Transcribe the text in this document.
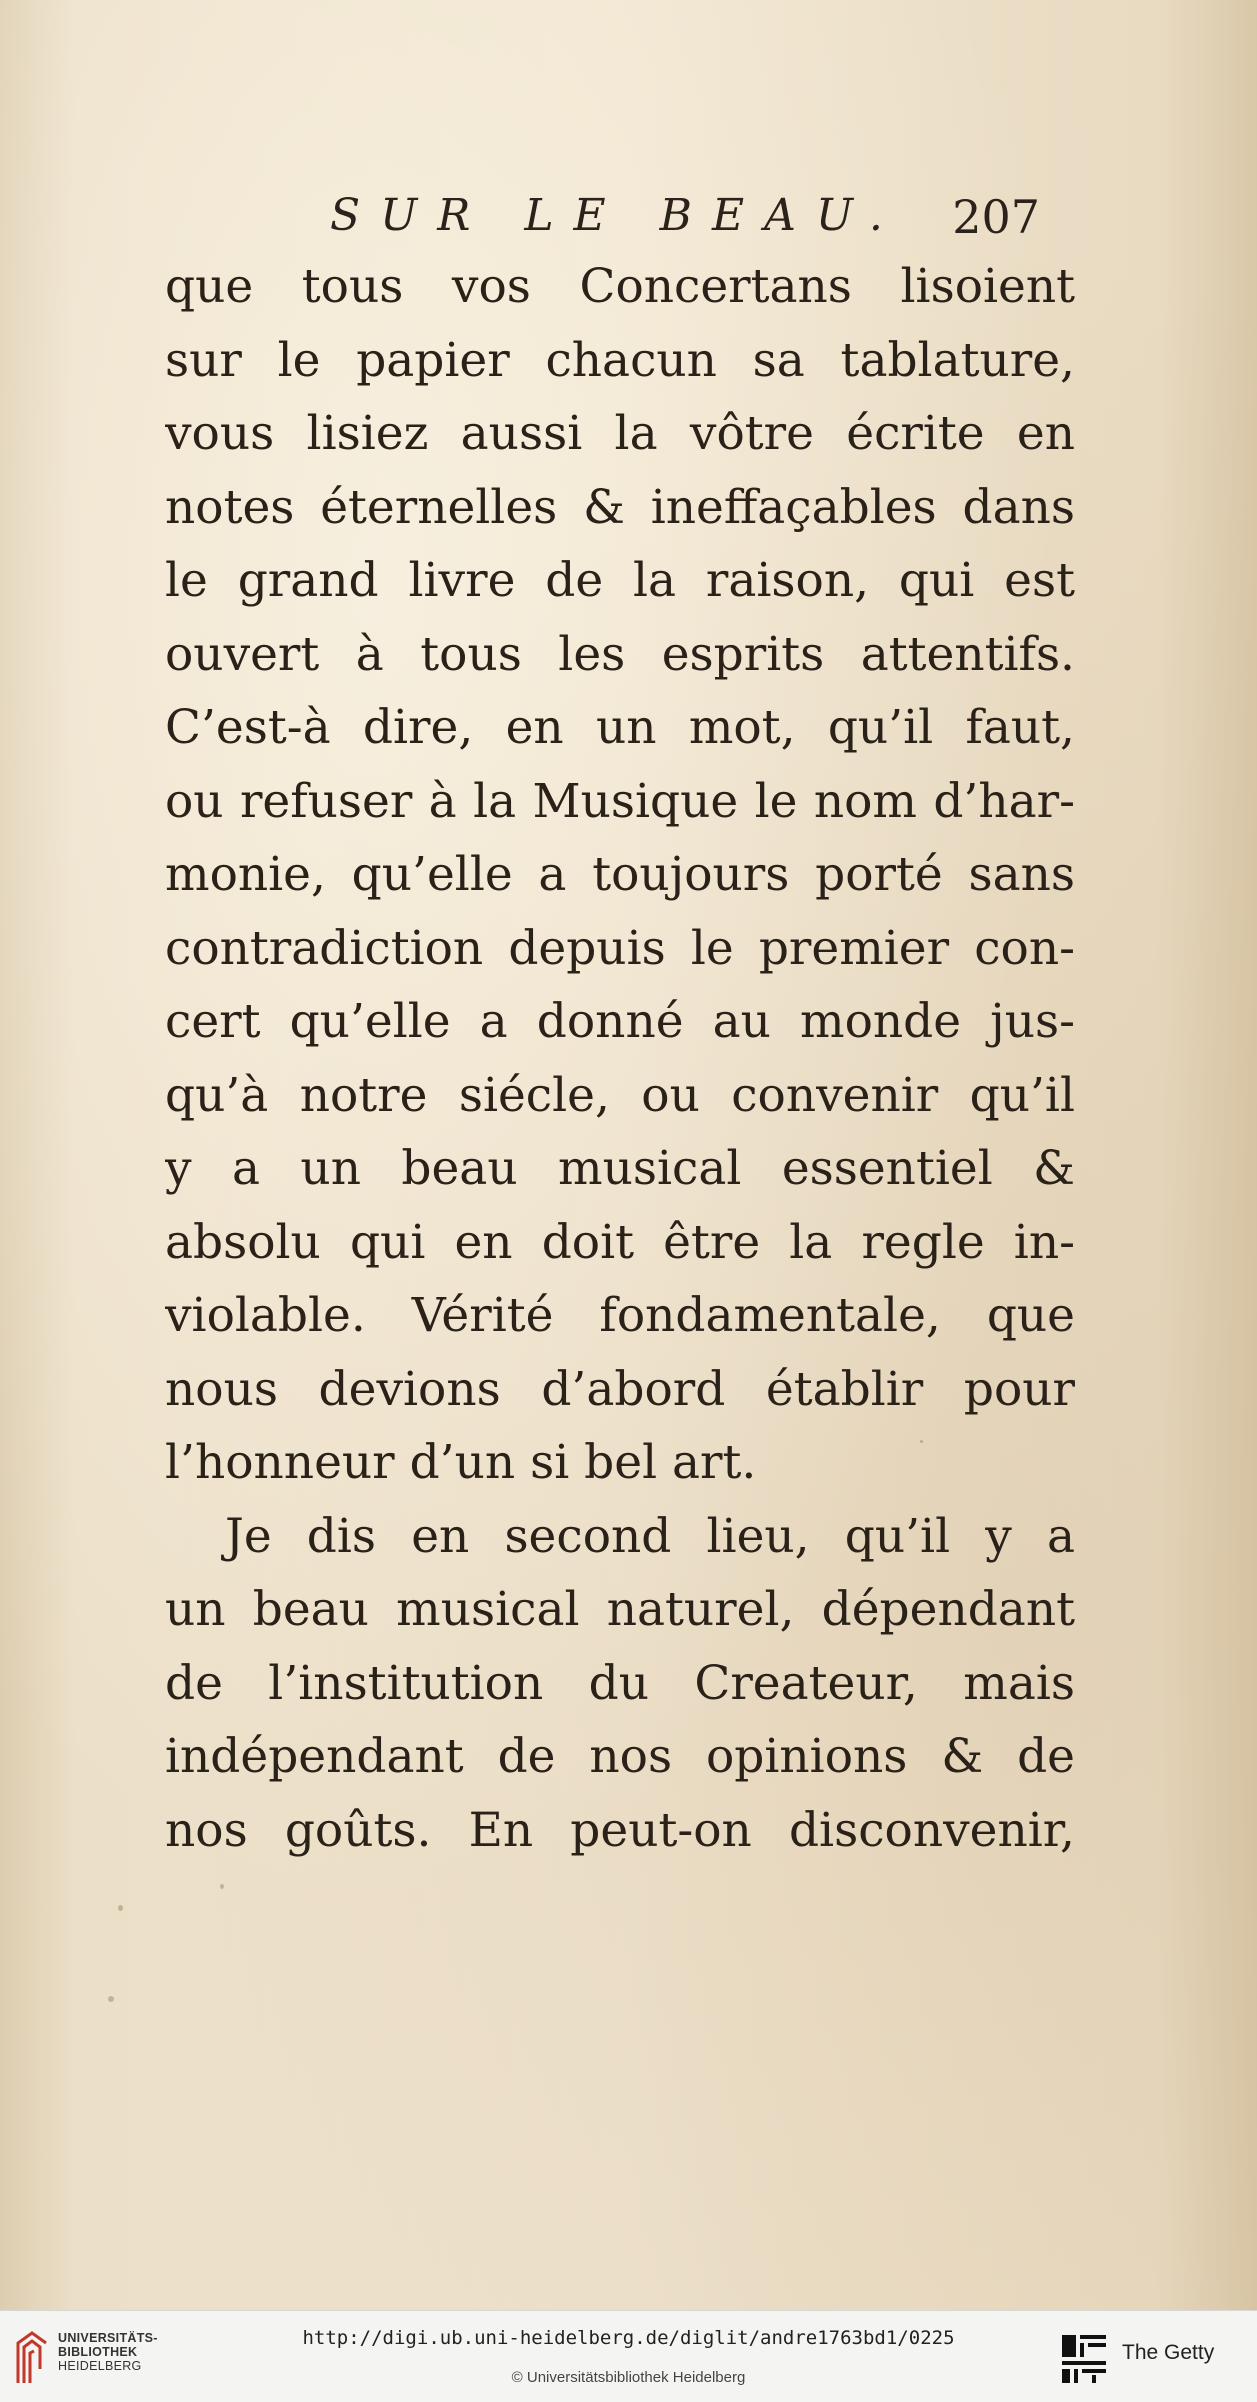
SUR LE BEAU. 207
que tous vos Concertans lisoient
sur le papier chacun sa tablature,
vous lisiez aussi la vôtre écrite en
notes éternelles & ineffaçables dans
le grand livre de la raison, qui est
ouvert à tous les esprits attentifs.
C’est-à dire, en un mot, qu’il faut,
ou refuser à la Musique le nom d’har-
monie, qu’elle a toujours porté sans
contradiction depuis le premier con-
cert qu’elle a donné au monde jus-
qu’à notre siécle, ou convenir qu’il
y a un beau musical essentiel &
absolu qui en doit être la regle in-
violable. Vérité fondamentale, que
nous devions d’abord établir pour
l’honneur d’un si bel art.
Je dis en second lieu, qu’il y a
un beau musical naturel, dépendant
de l’institution du Createur, mais
indépendant de nos opinions & de
nos goûts. En peut-on disconvenir,
UNIVERSITÄTS-
BIBLIOTHEK
HEIDELBERG
http://digi.ub.uni-heidelberg.de/diglit/andre1763bd1/0225
© Universitätsbibliothek Heidelberg
The Getty
